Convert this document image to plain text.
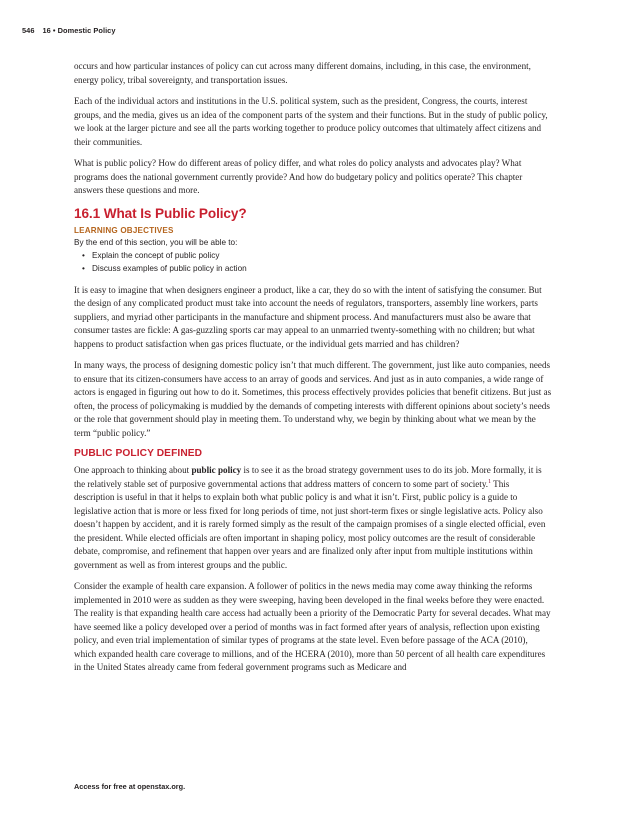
546 16 • Domestic Policy

occurs and how particular instances of policy can cut across many different domains, including, in this case, the environment, energy policy, tribal sovereignty, and transportation issues.

Each of the individual actors and institutions in the U.S. political system, such as the president, Congress, the courts, interest groups, and the media, gives us an idea of the component parts of the system and their functions. But in the study of public policy, we look at the larger picture and see all the parts working together to produce policy outcomes that ultimately affect citizens and their communities.

What is public policy? How do different areas of policy differ, and what roles do policy analysts and advocates play? What programs does the national government currently provide? And how do budgetary policy and politics operate? This chapter answers these questions and more.

16.1 What Is Public Policy?
LEARNING OBJECTIVES
By the end of this section, you will be able to:
• Explain the concept of public policy
• Discuss examples of public policy in action

It is easy to imagine that when designers engineer a product, like a car, they do so with the intent of satisfying the consumer. But the design of any complicated product must take into account the needs of regulators, transporters, assembly line workers, parts suppliers, and myriad other participants in the manufacture and shipment process. And manufacturers must also be aware that consumer tastes are fickle: A gas-guzzling sports car may appeal to an unmarried twenty-something with no children; but what happens to product satisfaction when gas prices fluctuate, or the individual gets married and has children?

In many ways, the process of designing domestic policy isn’t that much different. The government, just like auto companies, needs to ensure that its citizen-consumers have access to an array of goods and services. And just as in auto companies, a wide range of actors is engaged in figuring out how to do it. Sometimes, this process effectively provides policies that benefit citizens. But just as often, the process of policymaking is muddied by the demands of competing interests with different opinions about society’s needs or the role that government should play in meeting them. To understand why, we begin by thinking about what we mean by the term “public policy.”

PUBLIC POLICY DEFINED

One approach to thinking about public policy is to see it as the broad strategy government uses to do its job. More formally, it is the relatively stable set of purposive governmental actions that address matters of concern to some part of society.$^1$ This description is useful in that it helps to explain both what public policy is and what it isn’t. First, public policy is a guide to legislative action that is more or less fixed for long periods of time, not just short-term fixes or single legislative acts. Policy also doesn’t happen by accident, and it is rarely formed simply as the result of the campaign promises of a single elected official, even the president. While elected officials are often important in shaping policy, most policy outcomes are the result of considerable debate, compromise, and refinement that happen over years and are finalized only after input from multiple institutions within government as well as from interest groups and the public.

Consider the example of health care expansion. A follower of politics in the news media may come away thinking the reforms implemented in 2010 were as sudden as they were sweeping, having been developed in the final weeks before they were enacted. The reality is that expanding health care access had actually been a priority of the Democratic Party for several decades. What may have seemed like a policy developed over a period of months was in fact formed after years of analysis, reflection upon existing policy, and even trial implementation of similar types of programs at the state level. Even before passage of the ACA (2010), which expanded health care coverage to millions, and of the HCERA (2010), more than 50 percent of all health care expenditures in the United States already came from federal government programs such as Medicare and

Access for free at openstax.org.
